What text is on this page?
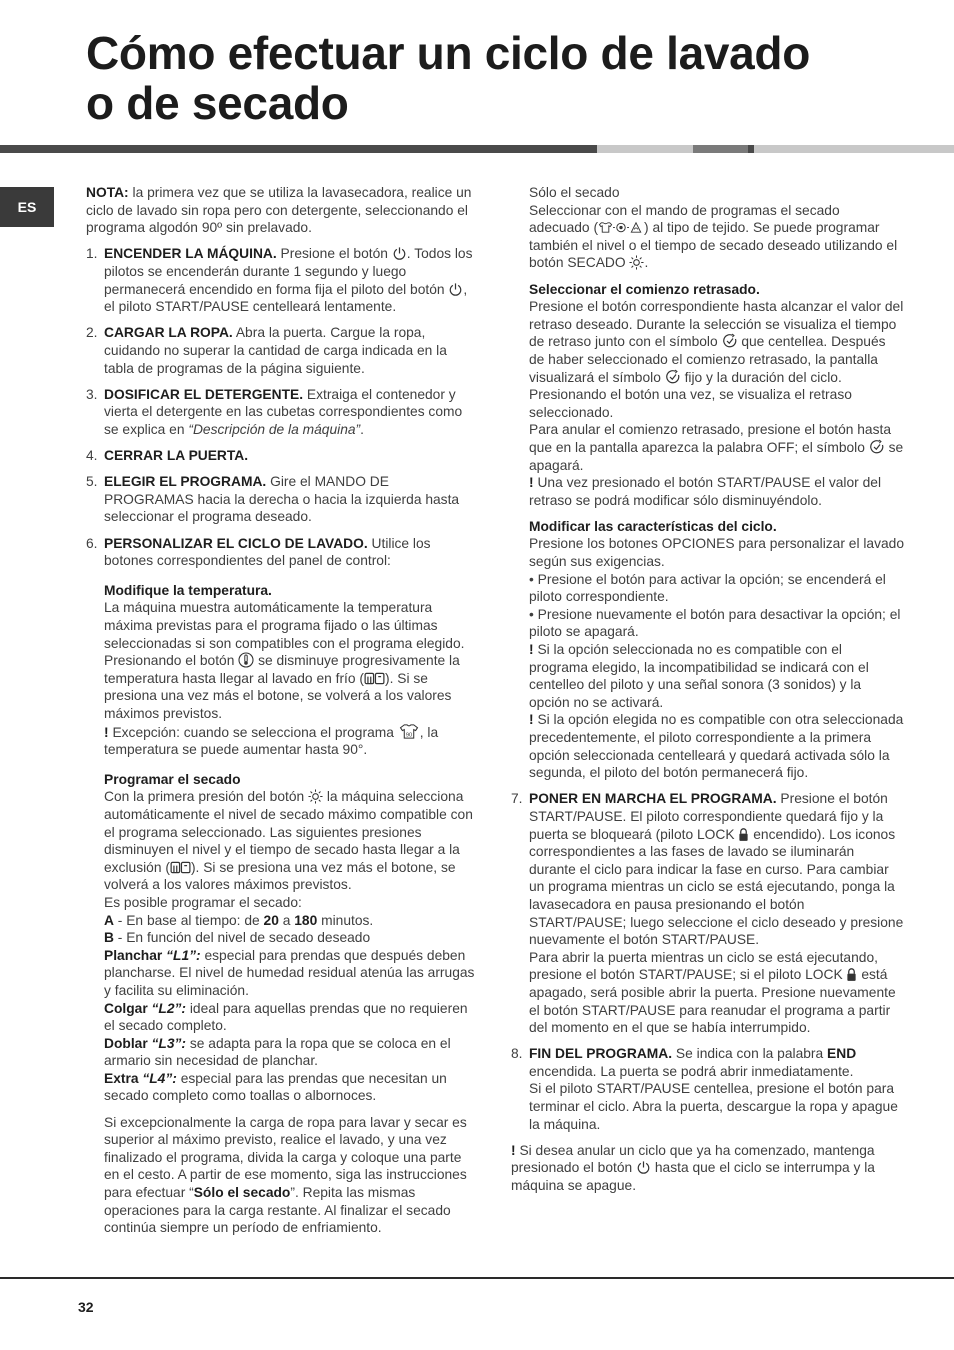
Cómo efectuar un ciclo de lavado
o de secado
ES

NOTA: la primera vez que se utiliza la lavasecadora, realice un ciclo de lavado sin ropa pero con detergente, seleccionando el programa algodón 90º sin prelavado.

1. ENCENDER LA MÁQUINA. Presione el botón . Todos los pilotos se encenderán durante 1 segundo y luego permanecerá encendido en forma fija el piloto del botón , el piloto START/PAUSE centelleará lentamente.
2. CARGAR LA ROPA. Abra la puerta. Cargue la ropa, cuidando no superar la cantidad de carga indicada en la tabla de programas de la página siguiente.
3. DOSIFICAR EL DETERGENTE. Extraiga el contenedor y vierta el detergente en las cubetas correspondientes como se explica en “Descripción de la máquina”.
4. CERRAR LA PUERTA.
5. ELEGIR EL PROGRAMA. Gire el MANDO DE PROGRAMAS hacia la derecha o hacia la izquierda hasta seleccionar el programa deseado.
6. PERSONALIZAR EL CICLO DE LAVADO. Utilice los botones correspondientes del panel de control:

Modifique la temperatura.
La máquina muestra automáticamente la temperatura máxima previstas para el programa fijado o las últimas seleccionadas si son compatibles con el programa elegido. Presionando el botón  se disminuye progresivamente la temperatura hasta llegar al lavado en frío ( ). Si se presiona una vez más el botone, se volverá a los valores máximos previstos.
! Excepción: cuando se selecciona el programa , la temperatura se puede aumentar hasta 90°.
Programar el secado
Con la primera presión del botón  la máquina selecciona automáticamente el nivel de secado máximo compatible con el programa seleccionado. Las siguientes presiones disminuyen el nivel y el tiempo de secado hasta llegar a la exclusión ( ). Si se presiona una vez más el botone, se volverá a los valores máximos previstos.
Es posible programar el secado:
A - En base al tiempo: de 20 a 180 minutos.
B - En función del nivel de secado deseado
Planchar “L1”: especial para prendas que después deben plancharse. El nivel de humedad residual atenúa las arrugas y facilita su eliminación.
Colgar “L2”: ideal para aquellas prendas que no requieren el secado completo.
Doblar “L3”: se adapta para la ropa que se coloca en el armario sin necesidad de planchar.
Extra “L4”: especial para las prendas que necesitan un secado completo como toallas o albornoces.

Si excepcionalmente la carga de ropa para lavar y secar es superior al máximo previsto, realice el lavado, y una vez finalizado el programa, divida la carga y coloque una parte en el cesto. A partir de ese momento, siga las instrucciones para efectuar “Sólo el secado”. Repita las mismas operaciones para la carga restante. Al finalizar el secado continúa siempre un período de enfriamiento.

Sólo el secado
Seleccionar con el mando de programas el secado adecuado (	) al tipo de tejido. Se puede programar también el nivel o el tiempo de secado deseado utilizando el botón SECADO .
Seleccionar el comienzo retrasado.
Presione el botón correspondiente hasta alcanzar el valor del retraso deseado. Durante la selección se visualiza el tiempo de retraso junto con el símbolo  que centellea. Después de haber seleccionado el comienzo retrasado, la pantalla visualizará el símbolo  fijo y la duración del ciclo. Presionando el botón una vez, se visualiza el retraso seleccionado.
Para anular el comienzo retrasado, presione el botón hasta que en la pantalla aparezca la palabra OFF; el símbolo  se apagará.
! Una vez presionado el botón START/PAUSE el valor del retraso se podrá modificar sólo disminuyéndolo.
Modificar las características del ciclo.
Presione los botones OPCIONES para personalizar el lavado según sus exigencias.
• Presione el botón para activar la opción; se encenderá el piloto correspondiente.
• Presione nuevamente el botón para desactivar la opción; el piloto se apagará.
! Si la opción seleccionada no es compatible con el programa elegido, la incompatibilidad se indicará con el centelleo del piloto y una señal sonora (3 sonidos) y la opción no se activará.
! Si la opción elegida no es compatible con otra seleccionada precedentemente, el piloto correspondiente a la primera opción seleccionada centelleará y quedará activada sólo la segunda, el piloto del botón permanecerá fijo.
7. PONER EN MARCHA EL PROGRAMA. Presione el botón START/PAUSE. El piloto correspondiente quedará fijo y la puerta se bloqueará (piloto LOCK  encendido). Los iconos correspondientes a las fases de lavado se iluminarán durante el ciclo para indicar la fase en curso. Para cambiar un programa mientras un ciclo se está ejecutando, ponga la lavasecadora en pausa presionando el botón START/PAUSE; luego seleccione el ciclo deseado y presione nuevamente el botón START/PAUSE.
Para abrir la puerta mientras un ciclo se está ejecutando, presione el botón START/PAUSE; si el piloto LOCK  está apagado, será posible abrir la puerta. Presione nuevamente el botón START/PAUSE para reanudar el programa a partir del momento en el que se había interrumpido.
8. FIN DEL PROGRAMA. Se indica con la palabra END encendida. La puerta se podrá abrir inmediatamente.
Si el piloto START/PAUSE centellea, presione el botón para terminar el ciclo. Abra la puerta, descargue la ropa y apague la máquina.

! Si desea anular un ciclo que ya ha comenzado, mantenga presionado el botón  hasta que el ciclo se interrumpa y la máquina se apague.

32
